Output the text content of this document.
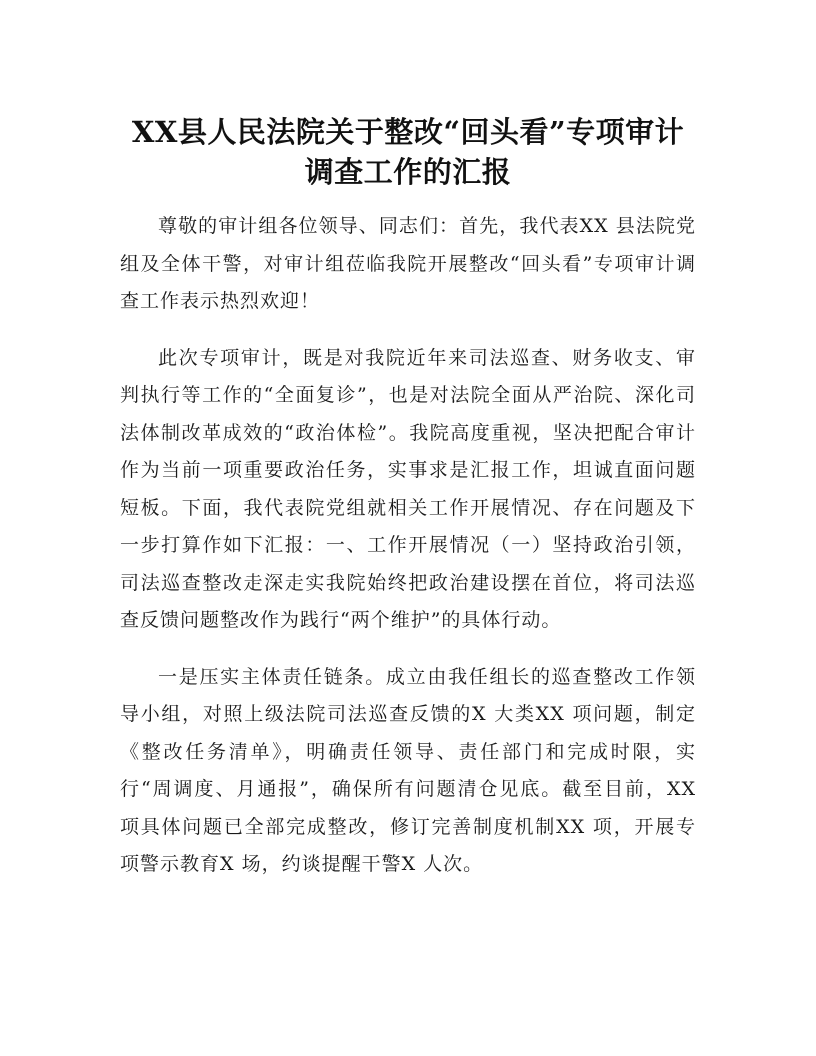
XX县人民法院关于整改“回头看”专项审计调查工作的汇报

尊敬的审计组各位领导、同志们：首先，我代表XX 县法院党组及全体干警，对审计组莅临我院开展整改“回头看”专项审计调查工作表示热烈欢迎！

此次专项审计，既是对我院近年来司法巡查、财务收支、审判执行等工作的“全面复诊”，也是对法院全面从严治院、深化司法体制改革成效的“政治体检”。我院高度重视，坚决把配合审计作为当前一项重要政治任务，实事求是汇报工作，坦诚直面问题短板。下面，我代表院党组就相关工作开展情况、存在问题及下一步打算作如下汇报：一、工作开展情况（一）坚持政治引领，司法巡查整改走深走实我院始终把政治建设摆在首位，将司法巡查反馈问题整改作为践行“两个维护”的具体行动。

一是压实主体责任链条。成立由我任组长的巡查整改工作领导小组，对照上级法院司法巡查反馈的X 大类XX 项问题，制定《整改任务清单》，明确责任领导、责任部门和完成时限，实行“周调度、月通报”，确保所有问题清仓见底。截至目前，XX 项具体问题已全部完成整改，修订完善制度机制XX 项，开展专项警示教育X 场，约谈提醒干警X 人次。
